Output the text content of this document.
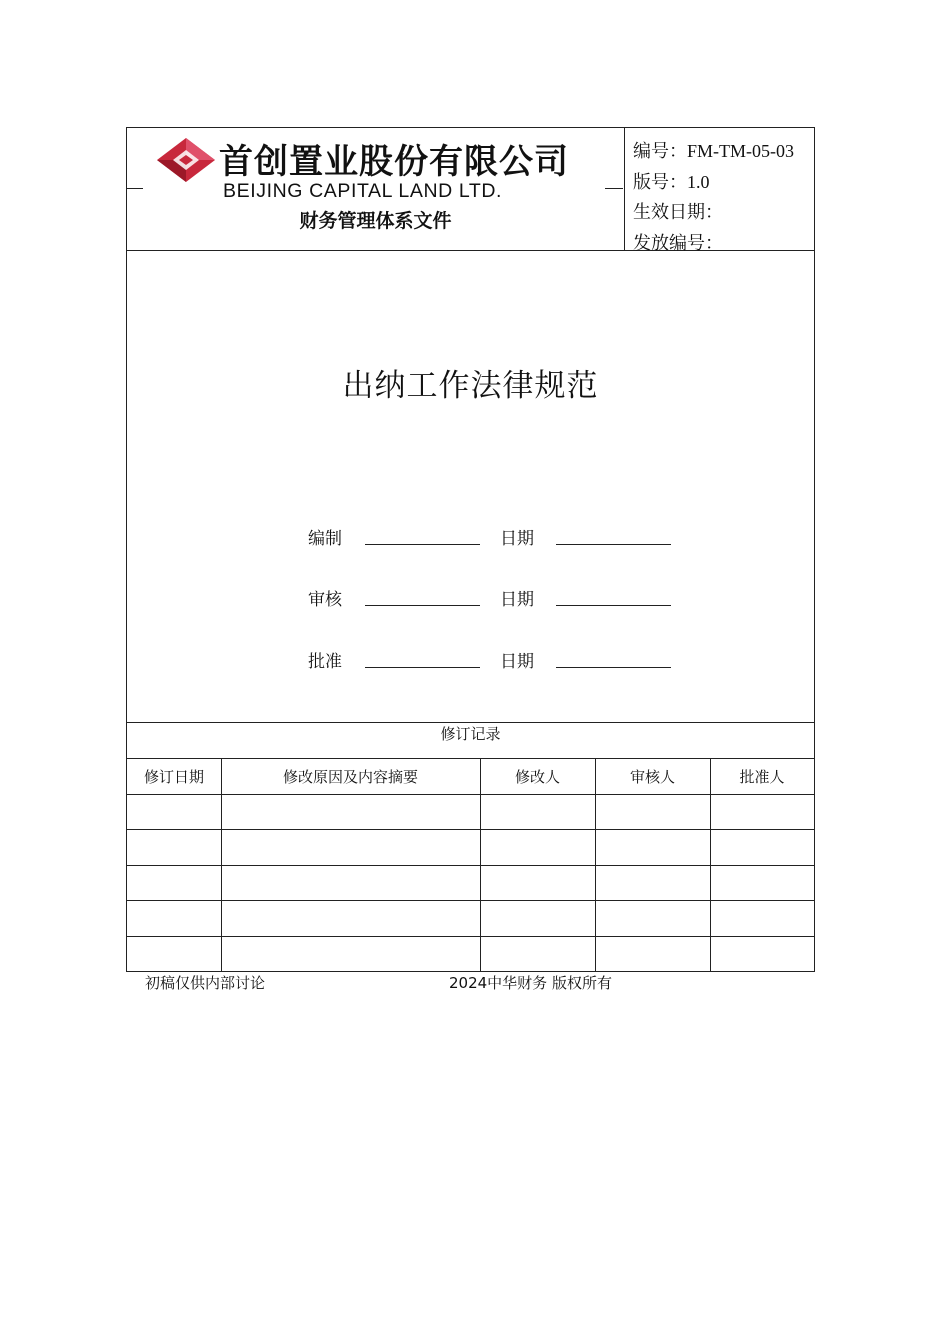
首创置业股份有限公司
BEIJING CAPITAL LAND LTD.
财务管理体系文件
编号：FM-TM-05-03
版号：1.0
生效日期：
发放编号：
出纳工作法律规范
编制	日期
审核	日期
批准	日期
修订记录
修订日期	修改原因及内容摘要	修改人	审核人	批准人
初稿仅供内部讨论	2024中华财务 版权所有
